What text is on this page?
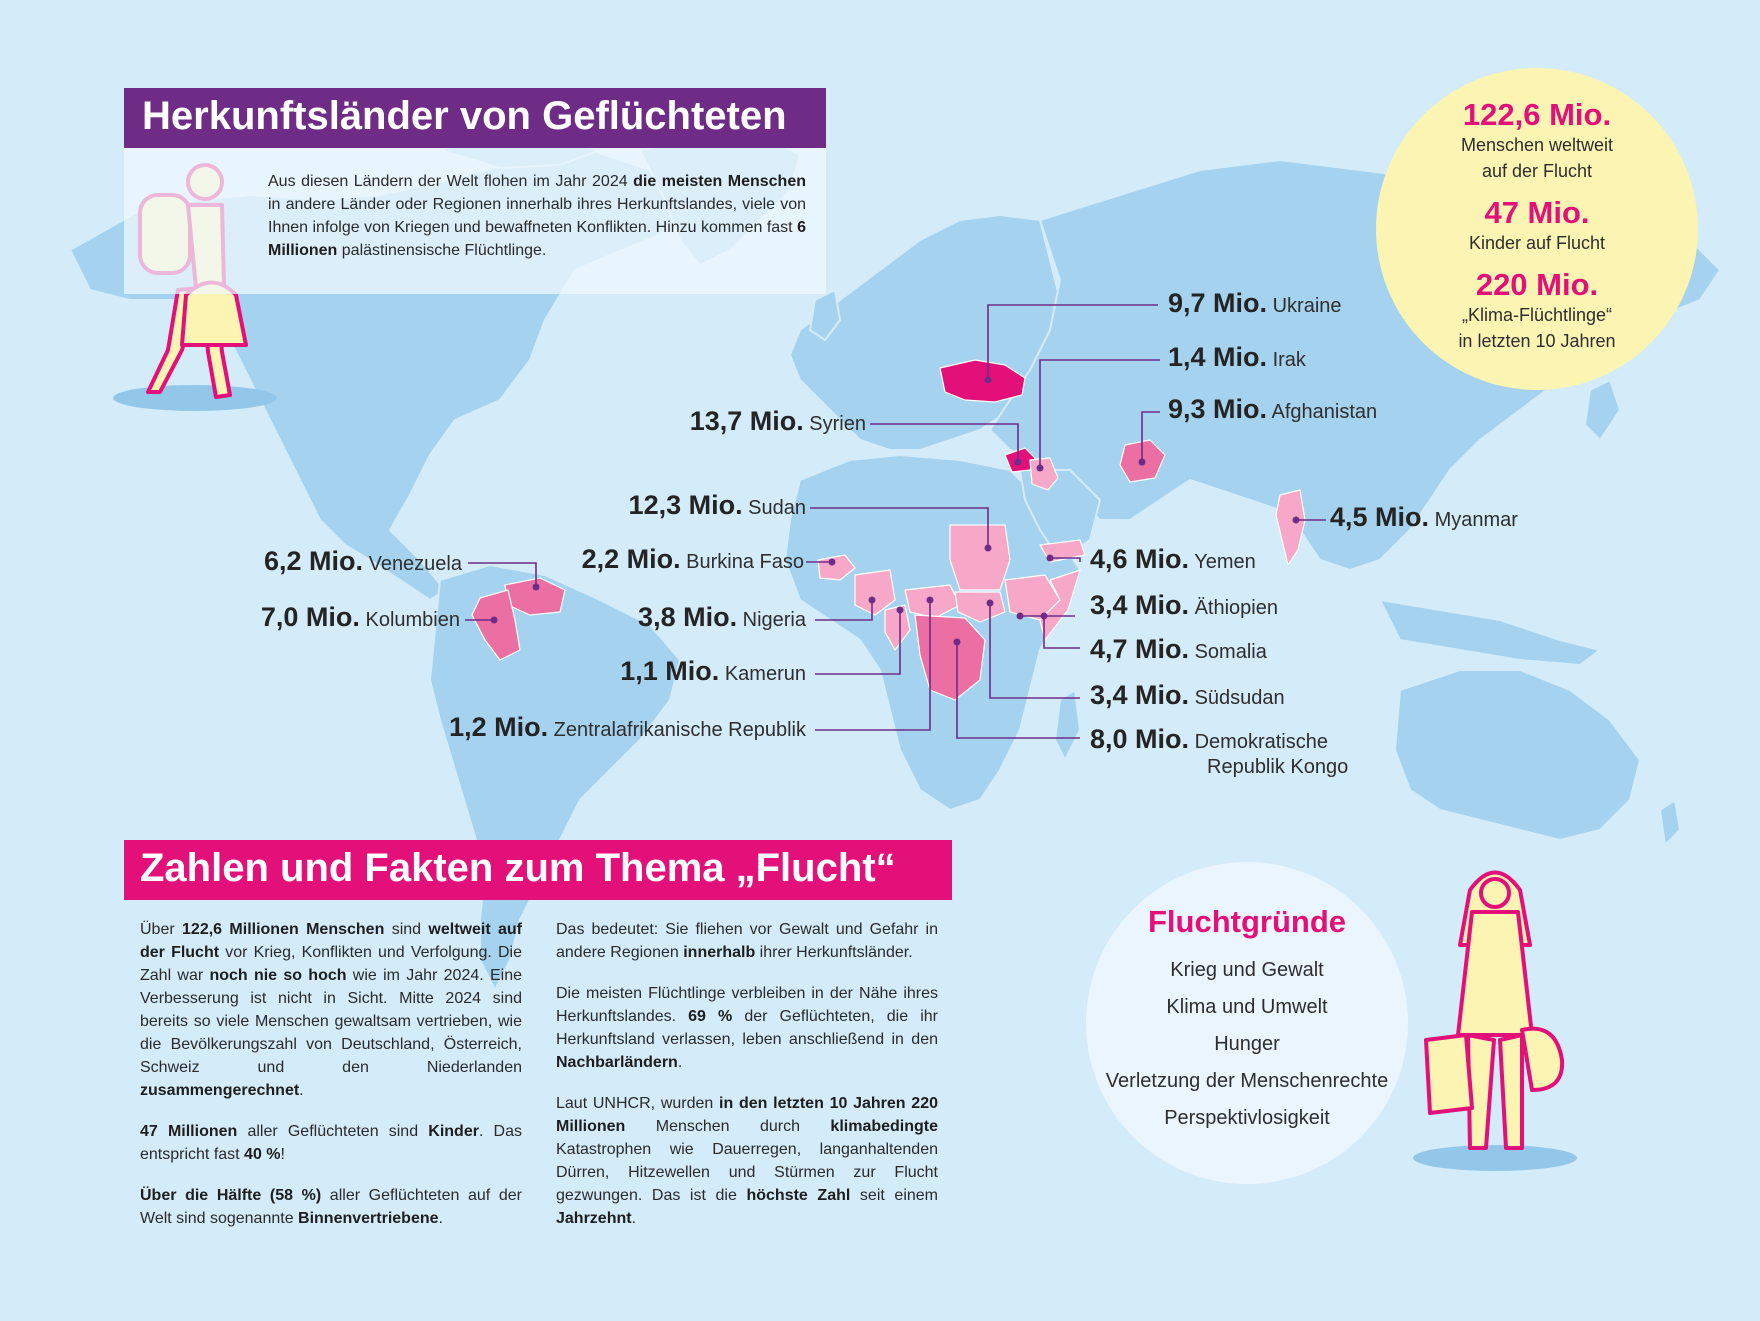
Herkunftsländer von Geflüchteten
Aus diesen Ländern der Welt flohen im Jahr 2024 die meisten Menschen in andere Länder oder Regionen innerhalb ihres Herkunftslandes, viele von Ihnen infolge von Kriegen und bewaffneten Konflikten. Hinzu kommen fast 6 Millionen palästinensische Flüchtlinge.
122,6 Mio.
Menschen weltweit
auf der Flucht
47 Mio.
Kinder auf Flucht
220 Mio.
„Klima-Flüchtlinge“
in letzten 10 Jahren
9,7 Mio. Ukraine
1,4 Mio. Irak
9,3 Mio. Afghanistan
13,7 Mio. Syrien
12,3 Mio. Sudan	4,5 Mio. Myanmar
6,2 Mio. Venezuela	2,2 Mio. Burkina Faso	4,6 Mio. Yemen
7,0 Mio. Kolumbien	3,8 Mio. Nigeria	3,4 Mio. Äthiopien
4,7 Mio. Somalia
1,1 Mio. Kamerun
3,4 Mio. Südsudan
1,2 Mio. Zentralafrikanische Republik	8,0 Mio. Demokratische
Republik Kongo
Zahlen und Fakten zum Thema „Flucht“

Über 122,6 Millionen Menschen sind weltweit auf der Flucht vor Krieg, Konflikten und Verfolgung. Die Zahl war noch nie so hoch wie im Jahr 2024. Eine Verbesserung ist nicht in Sicht. Mitte 2024 sind bereits so viele Menschen gewaltsam vertrieben, wie die Bevölkerungszahl von Deutschland, Österreich, Schweiz und den Niederlanden zusammengerechnet.

47 Millionen aller Geflüchteten sind Kinder. Das entspricht fast 40 %!

Über die Hälfte (58 %) aller Geflüchteten auf der Welt sind sogenannte Binnenvertriebene.

Das bedeutet: Sie fliehen vor Gewalt und Gefahr in andere Regionen innerhalb ihrer Herkunftsländer.

Die meisten Flüchtlinge verbleiben in der Nähe ihres Herkunftslandes. 69 % der Geflüchteten, die ihr Herkunftsland verlassen, leben anschließend in den Nachbarländern.

Laut UNHCR, wurden in den letzten 10 Jahren 220 Millionen Menschen durch klimabedingte Katastrophen wie Dauerregen, langanhaltenden Dürren, Hitzewellen und Stürmen zur Flucht gezwungen. Das ist die höchste Zahl seit einem Jahrzehnt.

Fluchtgründe
Krieg und Gewalt
Klima und Umwelt
Hunger
Verletzung der Menschenrechte
Perspektivlosigkeit
